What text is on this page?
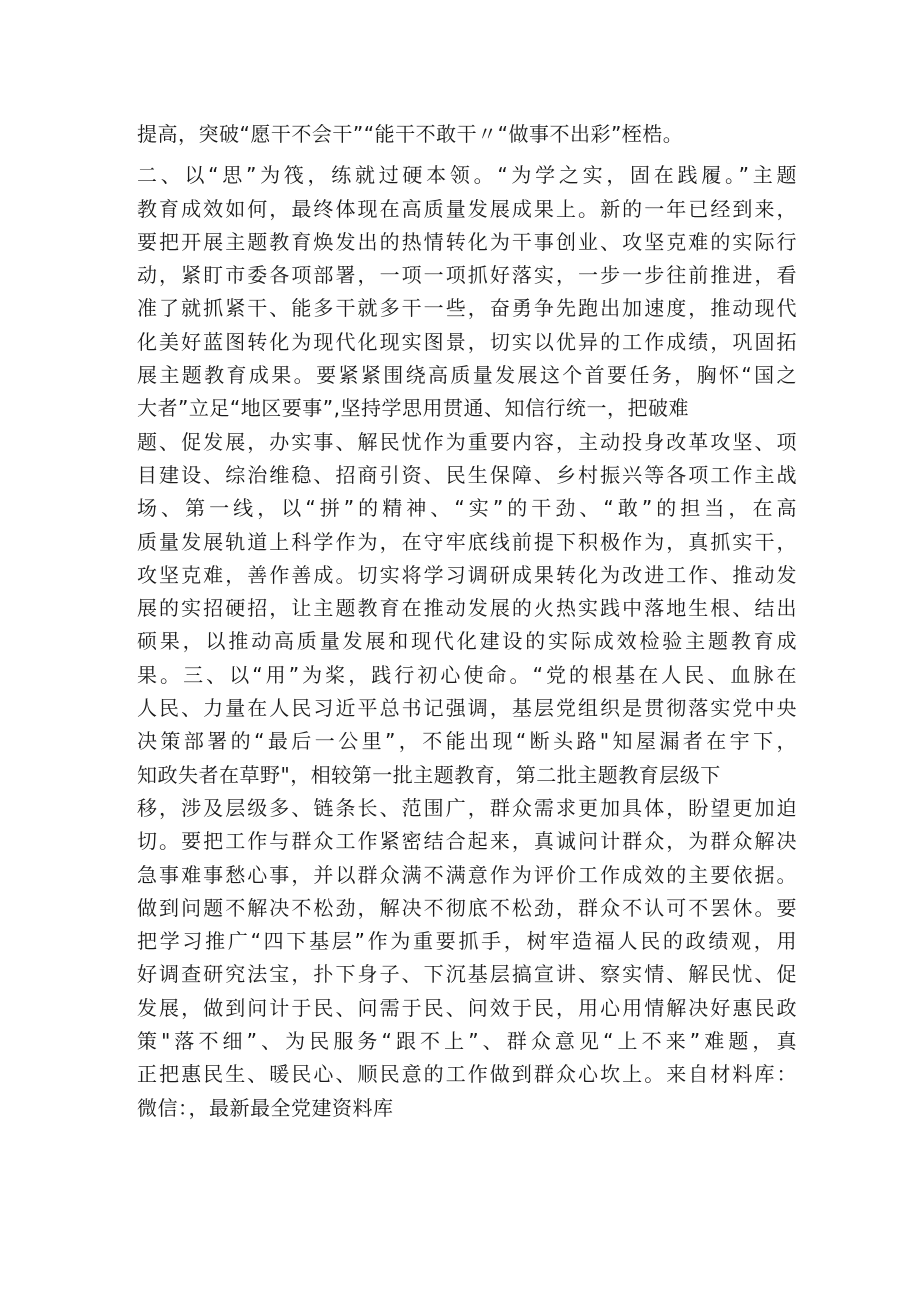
提高，突破“愿干不会干”“能干不敢干〃“做事不出彩”桎梏。
二、以“思”为筏，练就过硬本领。“为学之实，固在践履。”主题
教育成效如何，最终体现在高质量发展成果上。新的一年已经到来，
要把开展主题教育焕发出的热情转化为干事创业、攻坚克难的实际行
动，紧盯市委各项部署，一项一项抓好落实，一步一步往前推进，看
准了就抓紧干、能多干就多干一些，奋勇争先跑出加速度，推动现代
化美好蓝图转化为现代化现实图景，切实以优异的工作成绩，巩固拓
展主题教育成果。要紧紧围绕高质量发展这个首要任务，胸怀“国之
大者”立足“地区要事”,坚持学思用贯通、知信行统一，把破难
题、促发展，办实事、解民忧作为重要内容，主动投身改革攻坚、项
目建设、综治维稳、招商引资、民生保障、乡村振兴等各项工作主战
场、第一线，以“拼”的精神、“实”的干劲、“敢”的担当，在高
质量发展轨道上科学作为，在守牢底线前提下积极作为，真抓实干，
攻坚克难，善作善成。切实将学习调研成果转化为改进工作、推动发
展的实招硬招，让主题教育在推动发展的火热实践中落地生根、结出
硕果，以推动高质量发展和现代化建设的实际成效检验主题教育成
果。三、以“用”为桨，践行初心使命。“党的根基在人民、血脉在
人民、力量在人民习近平总书记强调，基层党组织是贯彻落实党中央
决策部署的“最后一公里”，不能出现“断头路"知屋漏者在宇下，
知政失者在草野"，相较第一批主题教育，第二批主题教育层级下
移，涉及层级多、链条长、范围广，群众需求更加具体，盼望更加迫
切。要把工作与群众工作紧密结合起来，真诚问计群众，为群众解决
急事难事愁心事，并以群众满不满意作为评价工作成效的主要依据。
做到问题不解决不松劲，解决不彻底不松劲，群众不认可不罢休。要
把学习推广“四下基层”作为重要抓手，树牢造福人民的政绩观，用
好调查研究法宝，扑下身子、下沉基层搞宣讲、察实情、解民忧、促
发展，做到问计于民、问需于民、问效于民，用心用情解决好惠民政
策"落不细”、为民服务“跟不上”、群众意见“上不来”难题，真
正把惠民生、暖民心、顺民意的工作做到群众心坎上。来自材料库：
微信：，最新最全党建资料库
